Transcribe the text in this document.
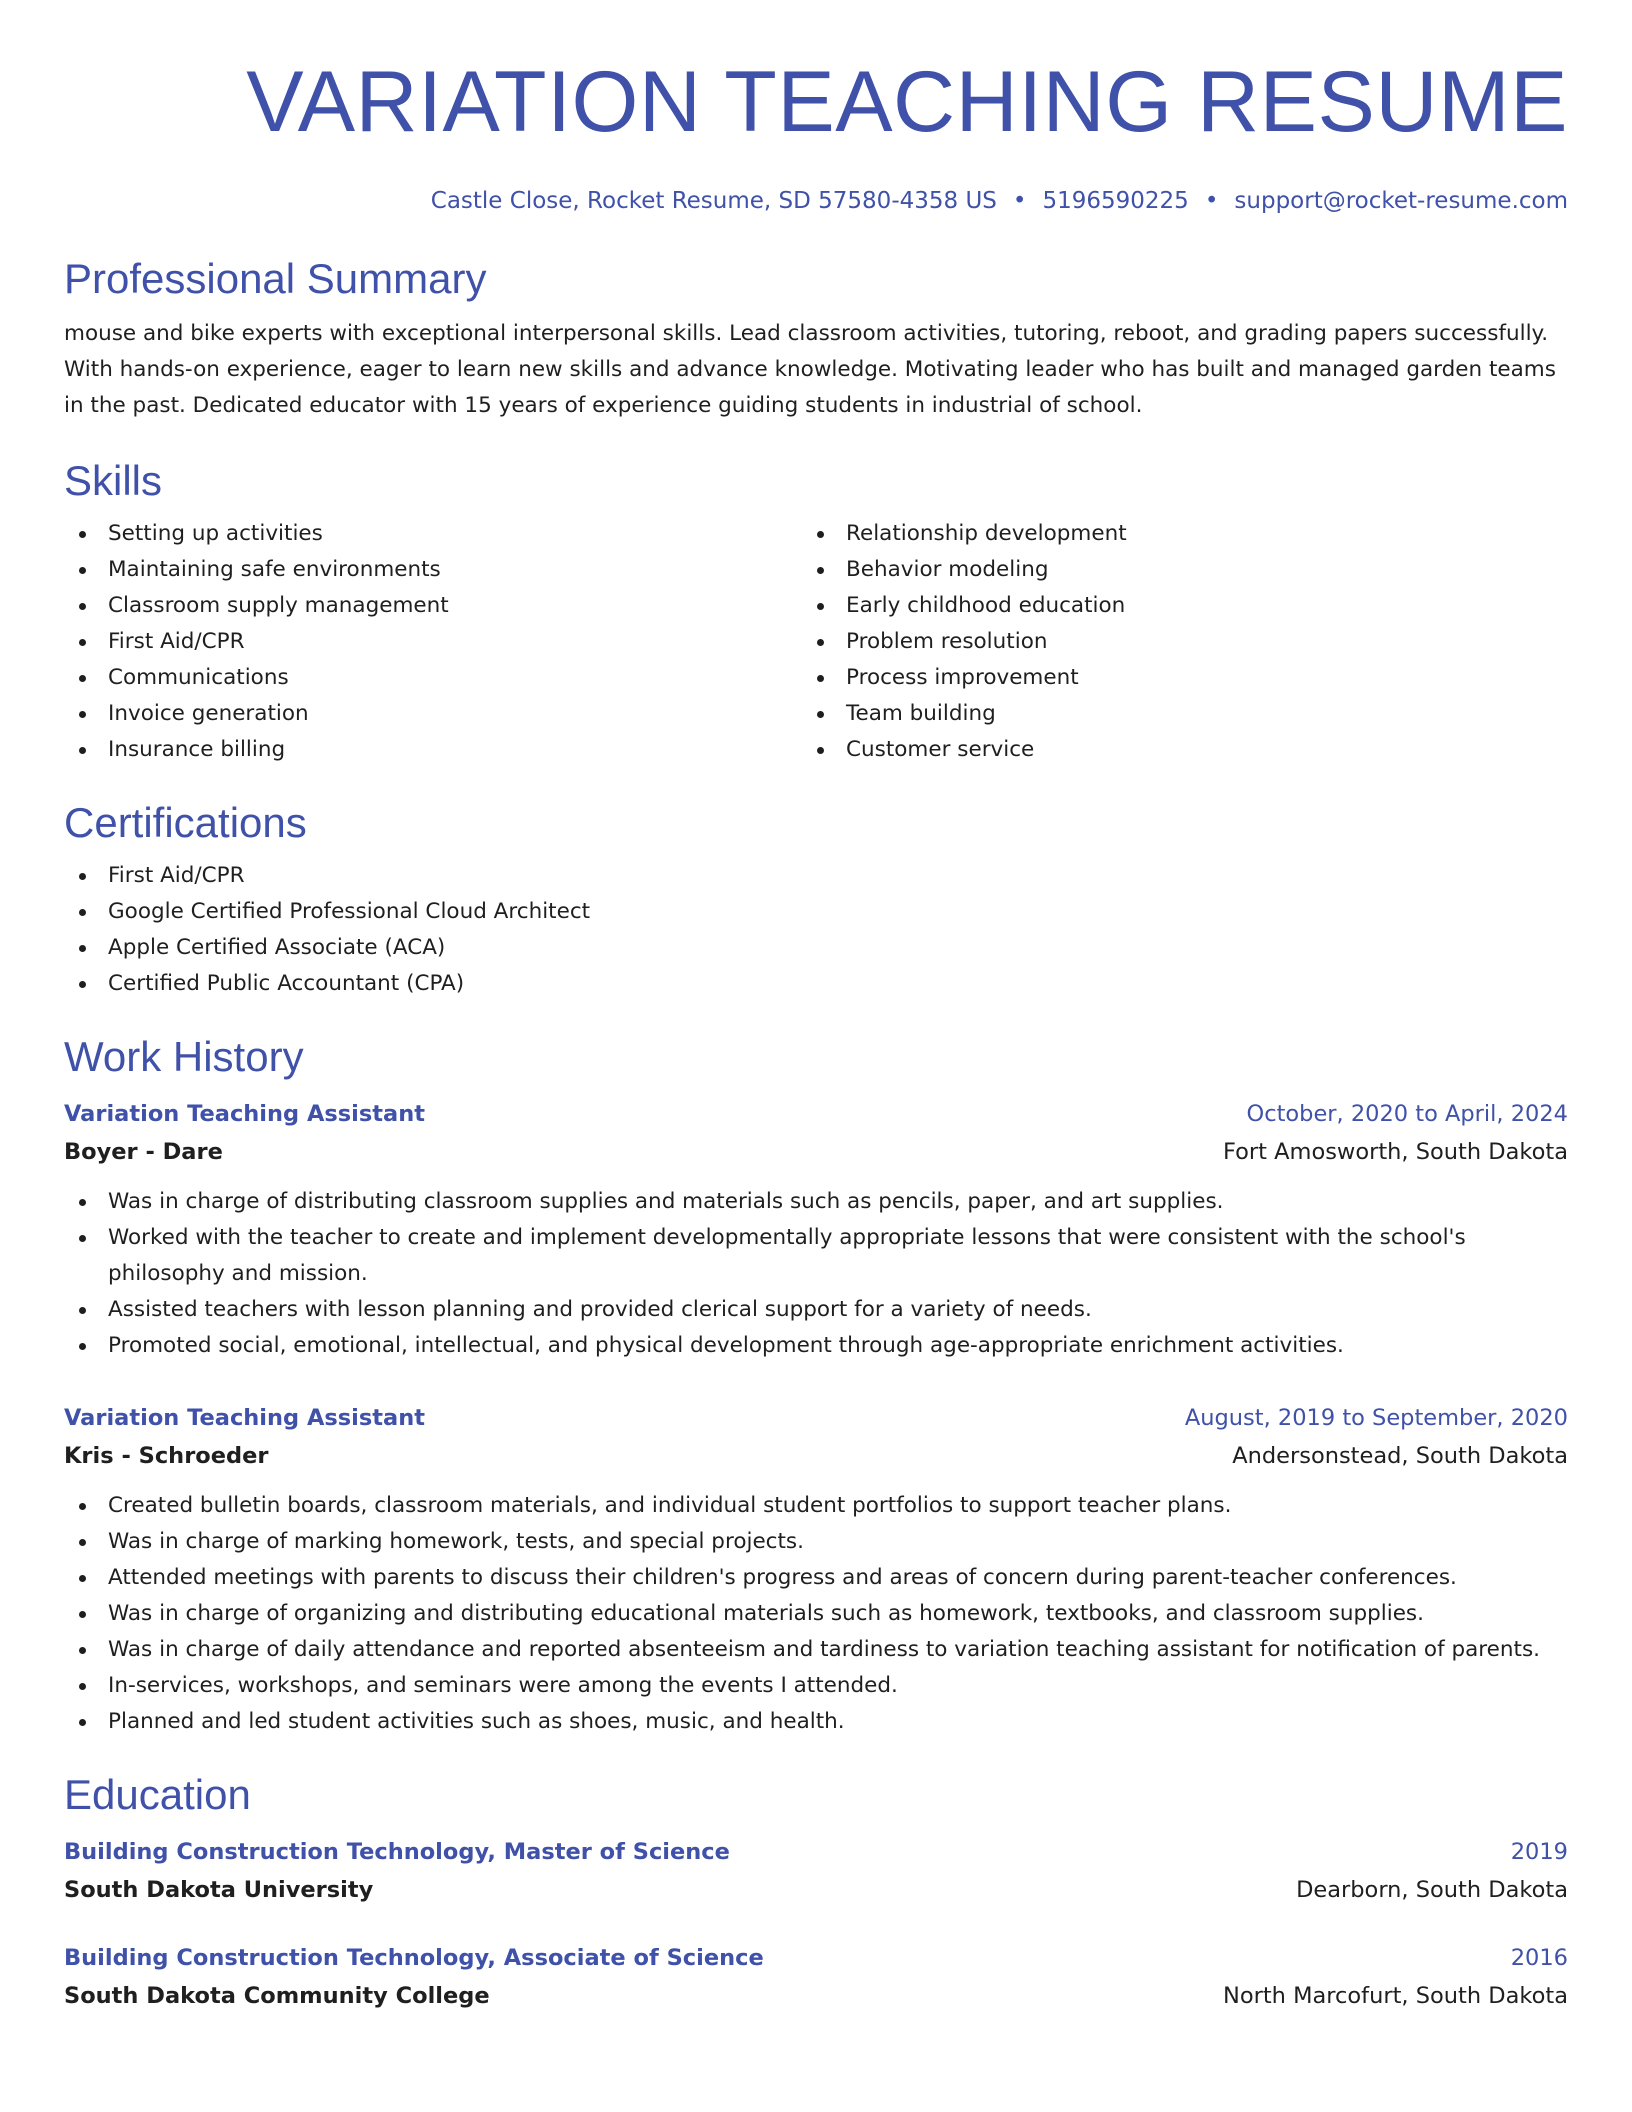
VARIATION TEACHING RESUME
Castle Close, Rocket Resume, SD 57580-4358 US • 5196590225 • support@rocket-resume.com
Professional Summary

mouse and bike experts with exceptional interpersonal skills. Lead classroom activities, tutoring, reboot, and grading papers successfully. With hands-on experience, eager to learn new skills and advance knowledge. Motivating leader who has built and managed garden teams in the past. Dedicated educator with 15 years of experience guiding students in industrial of school.

Skills
Setting up activities
Maintaining safe environments
Classroom supply management
First Aid/CPR
Communications
Invoice generation
Insurance billing
Relationship development
Behavior modeling
Early childhood education
Problem resolution
Process improvement
Team building
Customer service
Certifications
First Aid/CPR
Google Certified Professional Cloud Architect
Apple Certified Associate (ACA)
Certified Public Accountant (CPA)
Work History
Variation Teaching Assistant	October, 2020 to April, 2024
Boyer - Dare	Fort Amosworth, South Dakota
Was in charge of distributing classroom supplies and materials such as pencils, paper, and art supplies.
Worked with the teacher to create and implement developmentally appropriate lessons that were consistent with the school's philosophy and mission.
Assisted teachers with lesson planning and provided clerical support for a variety of needs.
Promoted social, emotional, intellectual, and physical development through age-appropriate enrichment activities.
Variation Teaching Assistant	August, 2019 to September, 2020
Kris - Schroeder	Andersonstead, South Dakota
Created bulletin boards, classroom materials, and individual student portfolios to support teacher plans.
Was in charge of marking homework, tests, and special projects.
Attended meetings with parents to discuss their children's progress and areas of concern during parent-teacher conferences.
Was in charge of organizing and distributing educational materials such as homework, textbooks, and classroom supplies.
Was in charge of daily attendance and reported absenteeism and tardiness to variation teaching assistant for notification of parents.
In-services, workshops, and seminars were among the events I attended.
Planned and led student activities such as shoes, music, and health.
Education
Building Construction Technology, Master of Science	2019
South Dakota University	Dearborn, South Dakota
Building Construction Technology, Associate of Science	2016
South Dakota Community College	North Marcofurt, South Dakota
